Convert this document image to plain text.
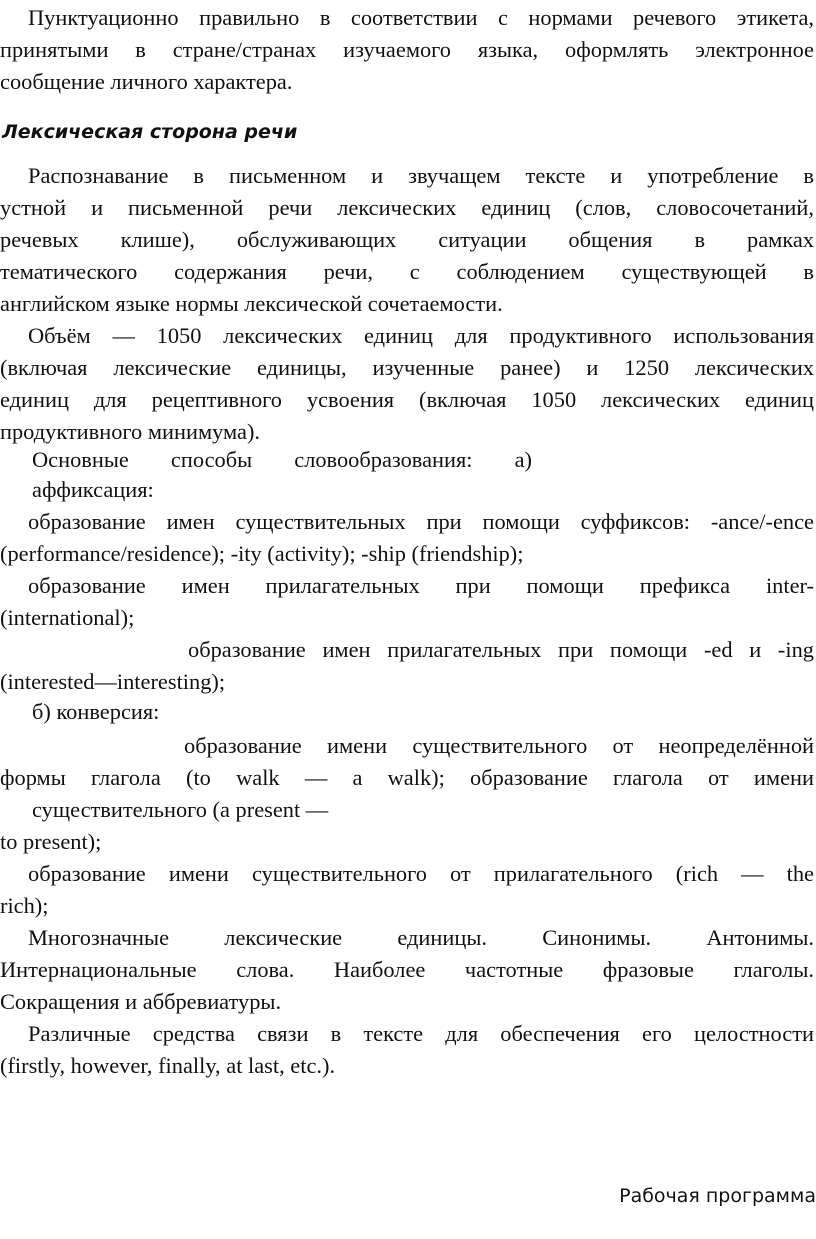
Пунктуационно правильно в соответствии с нормами речевого этикета,
принятыми в стране/странах изучаемого языка, оформлять электронное
сообщение личного характера.
Лексическая сторона речи
Распознавание в письменном и звучащем тексте и употребление в
устной и письменной речи лексических единиц (слов, словосочетаний,
речевых клише), обслуживающих ситуации общения в рамках
тематического содержания речи, с соблюдением существующей в
английском языке нормы лексической сочетаемости.
Объём — 1050 лексических единиц для продуктивного использования
(включая лексические единицы, изученные ранее) и 1250 лексических
единиц для рецептивного усвоения (включая 1050 лексических единиц
продуктивного минимума).
Основные способы словообразования: а)
аффиксация:
образование имен существительных при помощи суффиксов: -ance/-ence
(performance/residence); -ity (activity); -ship (friendship);
образование имен прилагательных при помощи префикса inter-
(international);
образование имен прилагательных при помощи -ed и -ing
(interested—interesting);
б) конверсия:
образование имени существительного от неопределённой
формы глагола (to walk — a walk); образование глагола от имени
существительного (a present —
to present);
образование имени существительного от прилагательного (rich — the
rich);
Многозначные лексические единицы. Синонимы. Антонимы.
Интернациональные слова. Наиболее частотные фразовые глаголы.
Сокращения и аббревиатуры.
Различные средства связи в тексте для обеспечения его целостности
(firstly, however, finally, at last, etc.).
Рабочая программа
